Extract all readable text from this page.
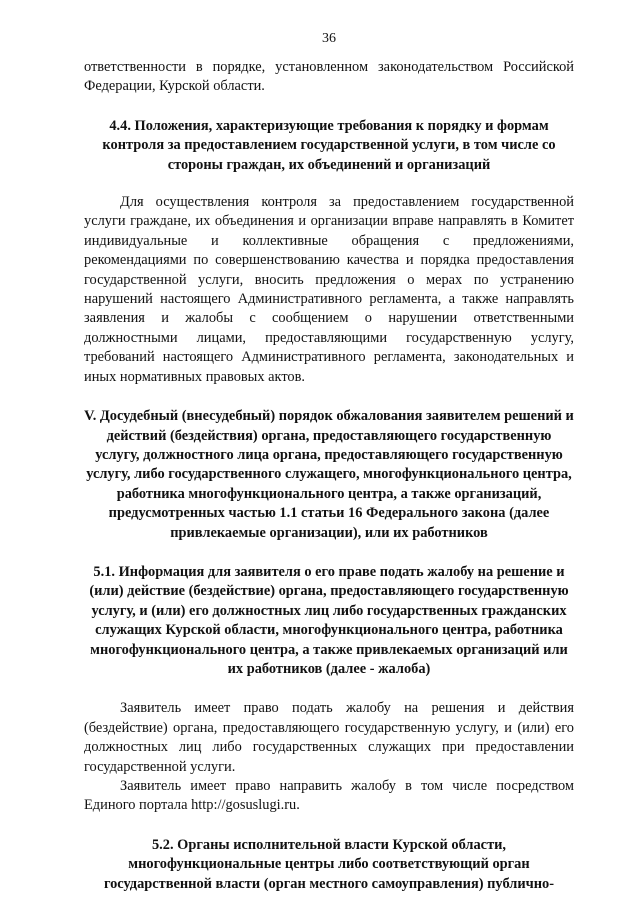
36

ответственности в порядке, установленном законодательством Российской Федерации, Курской области.

4.4. Положения, характеризующие требования к порядку и формам контроля за предоставлением государственной услуги, в том числе со стороны граждан, их объединений и организаций

Для осуществления контроля за предоставлением государственной услуги граждане, их объединения и организации вправе направлять в Комитет индивидуальные и коллективные обращения с предложениями, рекомендациями по совершенствованию качества и порядка предоставления государственной услуги, вносить предложения о мерах по устранению нарушений настоящего Административного регламента, а также направлять заявления и жалобы с сообщением о нарушении ответственными должностными лицами, предоставляющими государственную услугу, требований настоящего Административного регламента, законодательных и иных нормативных правовых актов.

V. Досудебный (внесудебный) порядок обжалования заявителем решений и действий (бездействия) органа, предоставляющего государственную услугу, должностного лица органа, предоставляющего государственную услугу, либо государственного служащего, многофункционального центра, работника многофункционального центра, а также организаций, предусмотренных частью 1.1 статьи 16 Федерального закона (далее привлекаемые организации), или их работников

5.1. Информация для заявителя о его праве подать жалобу на решение и (или) действие (бездействие) органа, предоставляющего государственную услугу, и (или) его должностных лиц либо государственных гражданских служащих Курской области, многофункционального центра, работника многофункционального центра, а также привлекаемых организаций или их работников (далее - жалоба)

Заявитель имеет право подать жалобу на решения и действия (бездействие) органа, предоставляющего государственную услугу, и (или) его должностных лиц либо государственных служащих при предоставлении государственной услуги.

Заявитель имеет право направить жалобу в том числе посредством Единого портала http://gosuslugi.ru.

5.2. Органы исполнительной власти Курской области, многофункциональные центры либо соответствующий орган государственной власти (орган местного самоуправления) публично-
